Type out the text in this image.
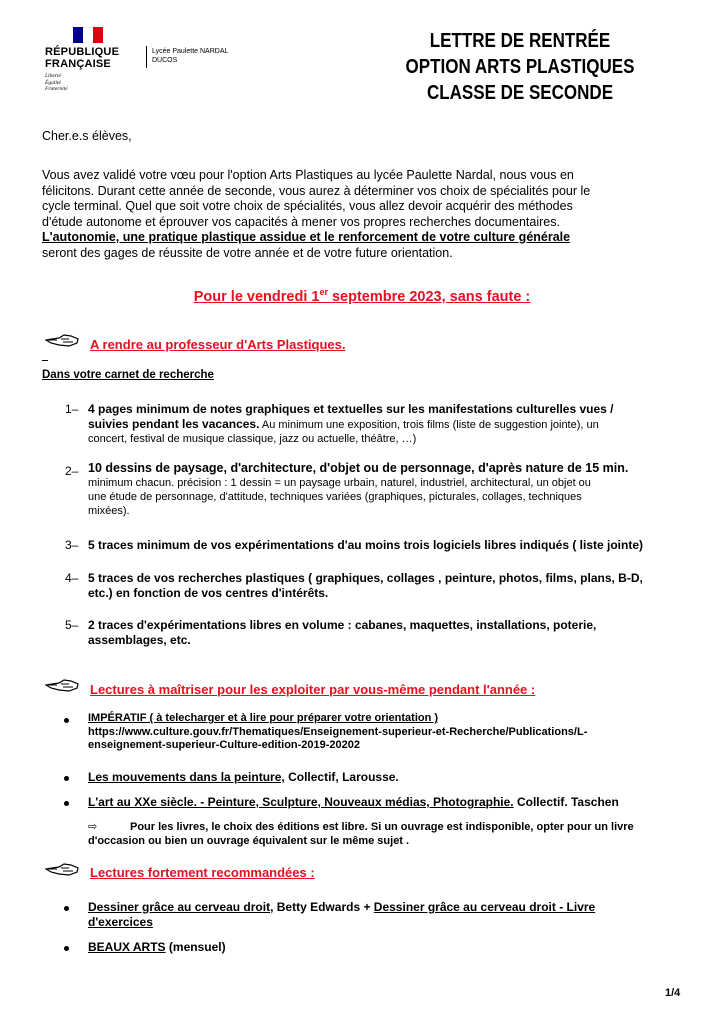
RÉPUBLIQUE
FRANÇAISE
Liberté
Égalité
Fraternité
Lycée Paulette NARDAL
DUCOS
LETTRE DE RENTRÉE
OPTION ARTS PLASTIQUES
CLASSE DE SECONDE
Cher.e.s élèves,
Vous avez validé votre vœu pour l'option Arts Plastiques au lycée Paulette Nardal, nous vous en
félicitons. Durant cette année de seconde, vous aurez à déterminer vos choix de spécialités pour le
cycle terminal. Quel que soit votre choix de spécialités, vous allez devoir acquérir des méthodes
d'étude autonome et éprouver vos capacités à mener vos propres recherches documentaires.
L'autonomie, une pratique plastique assidue et le renforcement de votre culture générale
seront des gages de réussite de votre année et de votre future orientation.
Pour le vendredi 1er septembre 2023, sans faute :
A rendre au professeur d'Arts Plastiques.
Dans votre carnet de recherche
1– 4 pages minimum de notes graphiques et textuelles sur les manifestations culturelles vues /
suivies pendant les vacances. Au minimum une exposition, trois films (liste de suggestion jointe), un
concert, festival de musique classique, jazz ou actuelle, théâtre, …)
2– 10 dessins de paysage, d'architecture, d'objet ou de personnage, d'après nature de 15 min.
minimum chacun. précision : 1 dessin = un paysage urbain, naturel, industriel, architectural, un objet ou
une étude de personnage, d'attitude, techniques variées (graphiques, picturales, collages, techniques
mixées).
3– 5 traces minimum de vos expérimentations d'au moins trois logiciels libres indiqués ( liste jointe)
4– 5 traces de vos recherches plastiques ( graphiques, collages , peinture, photos, films, plans, B-D,
etc.) en fonction de vos centres d'intérêts.
5– 2 traces d'expérimentations libres en volume : cabanes, maquettes, installations, poterie,
assemblages, etc.
Lectures à maîtriser pour les exploiter par vous-même pendant l'année :
IMPÉRATIF ( à telecharger et à lire pour préparer votre orientation )
https://www.culture.gouv.fr/Thematiques/Enseignement-superieur-et-Recherche/Publications/L-
enseignement-superieur-Culture-edition-2019-20202
Les mouvements dans la peinture, Collectif, Larousse.
L'art au XXe siècle. - Peinture, Sculpture, Nouveaux médias, Photographie. Collectif. Taschen
⇨	Pour les livres, le choix des éditions est libre. Si un ouvrage est indisponible, opter pour un livre
d'occasion ou bien un ouvrage équivalent sur le même sujet .
Lectures fortement recommandées :
Dessiner grâce au cerveau droit, Betty Edwards + Dessiner grâce au cerveau droit - Livre
d'exercices
BEAUX ARTS (mensuel)
1/4
